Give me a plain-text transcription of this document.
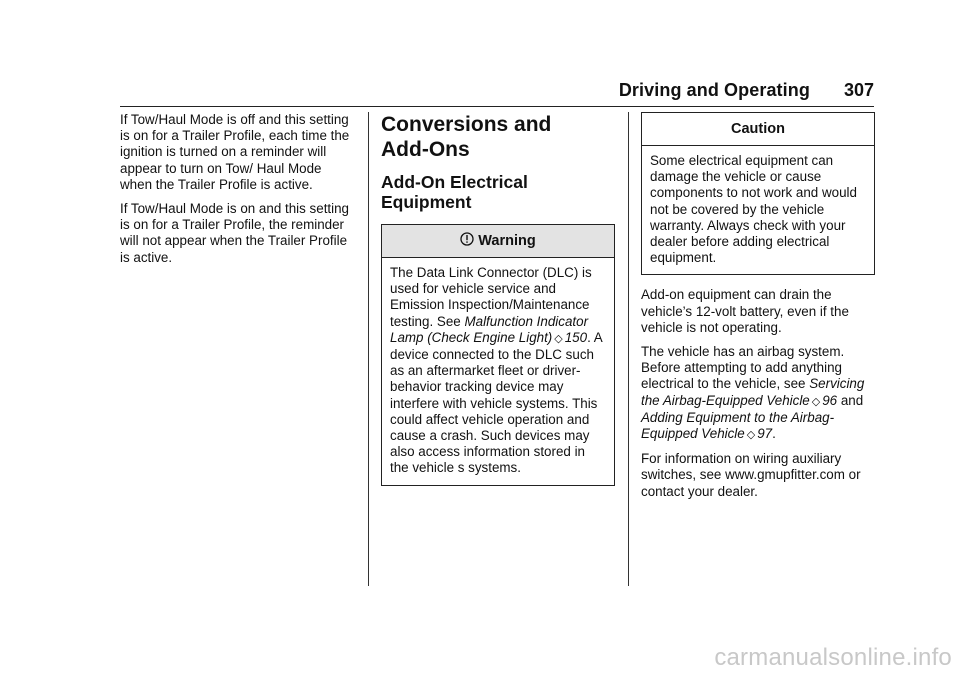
Driving and Operating 307

If Tow/Haul Mode is off and this setting is on for a Trailer Profile, each time the ignition is turned on a reminder will appear to turn on Tow/ Haul Mode when the Trailer Profile is active.

If Tow/Haul Mode is on and this setting is on for a Trailer Profile, the reminder will not appear when the Trailer Profile is active.

Conversions and
Add-Ons
Add-On Electrical
Equipment
Warning
The Data Link Connector (DLC) is used for vehicle service and Emission Inspection/Maintenance testing. See Malfunction Indicator Lamp (Check Engine Light) ◇ 150. A device connected to the DLC such as an aftermarket fleet or driver-behavior tracking device may interfere with vehicle systems. This could affect vehicle operation and cause a crash. Such devices may also access information stored in the vehicle s systems.
Caution
Some electrical equipment can damage the vehicle or cause components to not work and would not be covered by the vehicle warranty. Always check with your dealer before adding electrical equipment.

Add-on equipment can drain the vehicle’s 12-volt battery, even if the vehicle is not operating.

The vehicle has an airbag system. Before attempting to add anything electrical to the vehicle, see Servicing the Airbag-Equipped Vehicle ◇ 96 and Adding Equipment to the Airbag-Equipped Vehicle ◇ 97.

For information on wiring auxiliary switches, see www.gmupfitter.com or contact your dealer.

carmanualsonline.info
